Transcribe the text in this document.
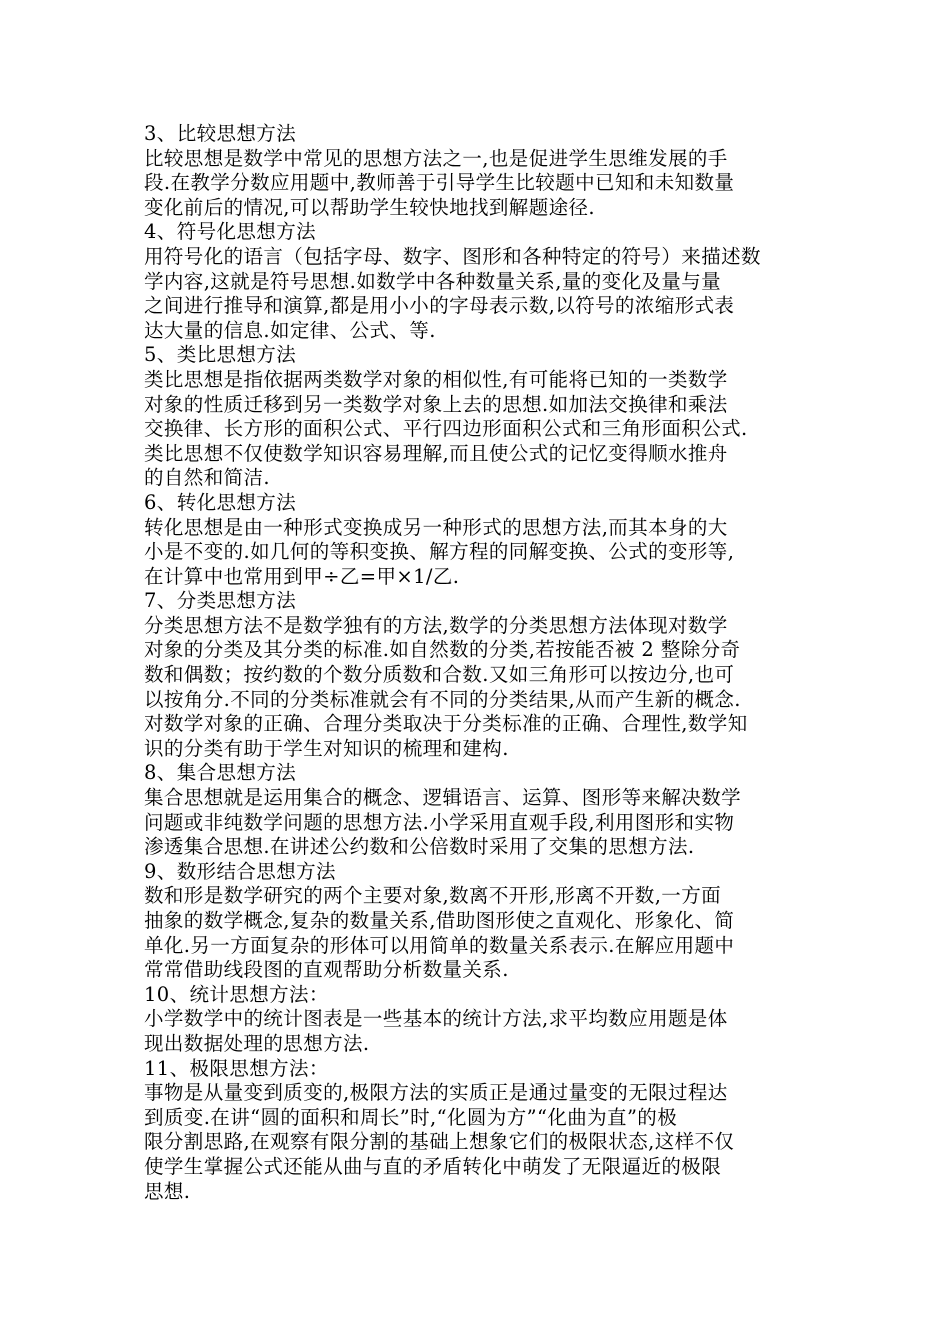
3、比较思想方法
比较思想是数学中常见的思想方法之一,也是促进学生思维发展的手
段.在教学分数应用题中,教师善于引导学生比较题中已知和未知数量
变化前后的情况,可以帮助学生较快地找到解题途径.
4、符号化思想方法
用符号化的语言（包括字母、数字、图形和各种特定的符号）来描述数
学内容,这就是符号思想.如数学中各种数量关系,量的变化及量与量
之间进行推导和演算,都是用小小的字母表示数,以符号的浓缩形式表
达大量的信息.如定律、公式、等.
5、类比思想方法
类比思想是指依据两类数学对象的相似性,有可能将已知的一类数学
对象的性质迁移到另一类数学对象上去的思想.如加法交换律和乘法
交换律、长方形的面积公式、平行四边形面积公式和三角形面积公式.
类比思想不仅使数学知识容易理解,而且使公式的记忆变得顺水推舟
的自然和简洁.
6、转化思想方法
转化思想是由一种形式变换成另一种形式的思想方法,而其本身的大
小是不变的.如几何的等积变换、解方程的同解变换、公式的变形等,
在计算中也常用到甲÷乙=甲×1/乙.
7、分类思想方法
分类思想方法不是数学独有的方法,数学的分类思想方法体现对数学
对象的分类及其分类的标准.如自然数的分类,若按能否被 2 整除分奇
数和偶数；按约数的个数分质数和合数.又如三角形可以按边分,也可
以按角分.不同的分类标准就会有不同的分类结果,从而产生新的概念.
对数学对象的正确、合理分类取决于分类标准的正确、合理性,数学知
识的分类有助于学生对知识的梳理和建构.
8、集合思想方法
集合思想就是运用集合的概念、逻辑语言、运算、图形等来解决数学
问题或非纯数学问题的思想方法.小学采用直观手段,利用图形和实物
渗透集合思想.在讲述公约数和公倍数时采用了交集的思想方法.
9、数形结合思想方法
数和形是数学研究的两个主要对象,数离不开形,形离不开数,一方面
抽象的数学概念,复杂的数量关系,借助图形使之直观化、形象化、简
单化.另一方面复杂的形体可以用简单的数量关系表示.在解应用题中
常常借助线段图的直观帮助分析数量关系.
10、统计思想方法：
小学数学中的统计图表是一些基本的统计方法,求平均数应用题是体
现出数据处理的思想方法.
11、极限思想方法：
事物是从量变到质变的,极限方法的实质正是通过量变的无限过程达
到质变.在讲“圆的面积和周长”时,“化圆为方”“化曲为直”的极
限分割思路,在观察有限分割的基础上想象它们的极限状态,这样不仅
使学生掌握公式还能从曲与直的矛盾转化中萌发了无限逼近的极限
思想.
